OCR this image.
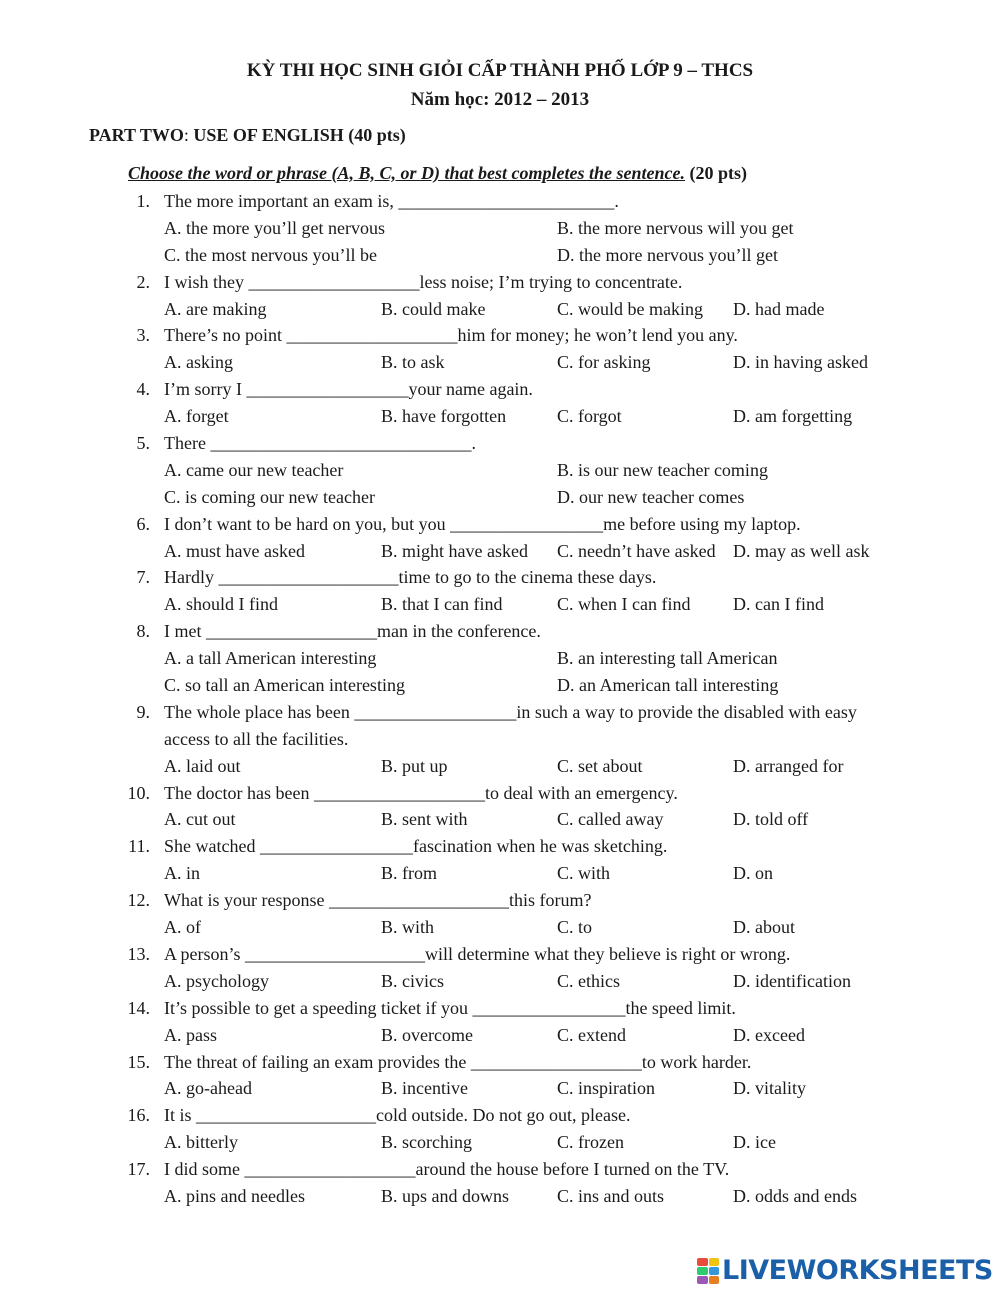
KỲ THI HỌC SINH GIỎI CẤP THÀNH PHỐ LỚP 9 – THCS
Năm học: 2012 – 2013
PART TWO: USE OF ENGLISH (40 pts)
Choose the word or phrase (A, B, C, or D) that best completes the sentence. (20 pts)
1. The more important an exam is, ________________________.
A. the more you’ll get nervous	B. the more nervous will you get
C. the most nervous you’ll be	D. the more nervous you’ll get
2. I wish they ___________________less noise; I’m trying to concentrate.
A. are making	B. could make	C. would be making D. had made
3. There’s no point ___________________him for money; he won’t lend you any.
A. asking	B. to ask	C. for asking	D. in having asked
4. I’m sorry I __________________your name again.
A. forget	B. have forgotten	C. forgot	D. am forgetting
5. There _____________________________.
A. came our new teacher	B. is our new teacher coming
C. is coming our new teacher	D. our new teacher comes
6. I don’t want to be hard on you, but you _________________me before using my laptop.
A. must have asked	B. might have asked C. needn’t have asked D. may as well ask
7. Hardly ____________________time to go to the cinema these days.
A. should I find	B. that I can find	C. when I can find D. can I find
8. I met ___________________man in the conference.
A. a tall American interesting	B. an interesting tall American
C. so tall an American interesting	D. an American tall interesting
9. The whole place has been __________________in such a way to provide the disabled with easy
access to all the facilities.
A. laid out	B. put up	C. set about	D. arranged for
10. The doctor has been ___________________to deal with an emergency.
A. cut out	B. sent with	C. called away	D. told off
11. She watched _________________fascination when he was sketching.
A. in	B. from	C. with	D. on
12. What is your response ____________________this forum?
A. of	B. with	C. to	D. about
13. A person’s ____________________will determine what they believe is right or wrong.
A. psychology	B. civics	C. ethics	D. identification
14. It’s possible to get a speeding ticket if you _________________the speed limit.
A. pass	B. overcome	C. extend	D. exceed
15. The threat of failing an exam provides the ___________________to work harder.
A. go-ahead	B. incentive	C. inspiration	D. vitality
16. It is ____________________cold outside. Do not go out, please.
A. bitterly	B. scorching	C. frozen	D. ice
17. I did some ___________________around the house before I turned on the TV.
A. pins and needles	B. ups and downs	C. ins and outs	D. odds and ends
LIVEWORKSHEETS
